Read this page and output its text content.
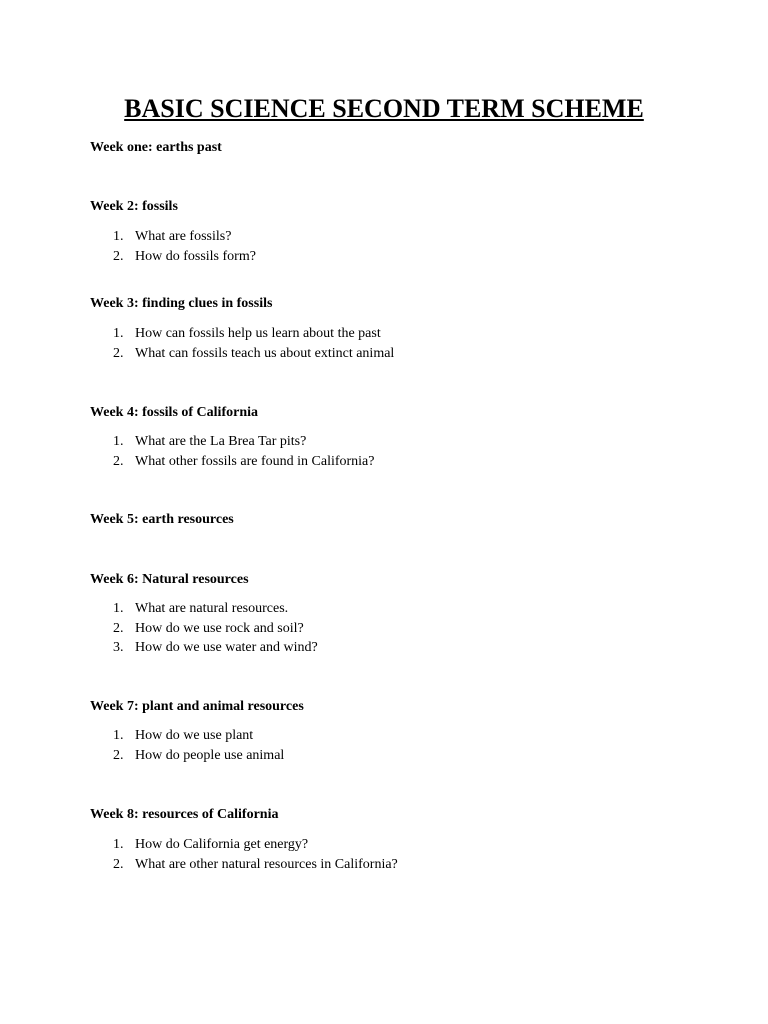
BASIC SCIENCE SECOND TERM SCHEME

Week one: earths past

Week 2: fossils

1. What are fossils?
2. How do fossils form?

Week 3: finding clues in fossils

1. How can fossils help us learn about the past
2. What can fossils teach us about extinct animal

Week 4: fossils of California

1. What are the La Brea Tar pits?
2. What other fossils are found in California?

Week 5: earth resources

Week 6: Natural resources

1. What are natural resources.
2. How do we use rock and soil?
3. How do we use water and wind?

Week 7: plant and animal resources

1. How do we use plant
2. How do people use animal

Week 8: resources of California

1. How do California get energy?
2. What are other natural resources in California?
